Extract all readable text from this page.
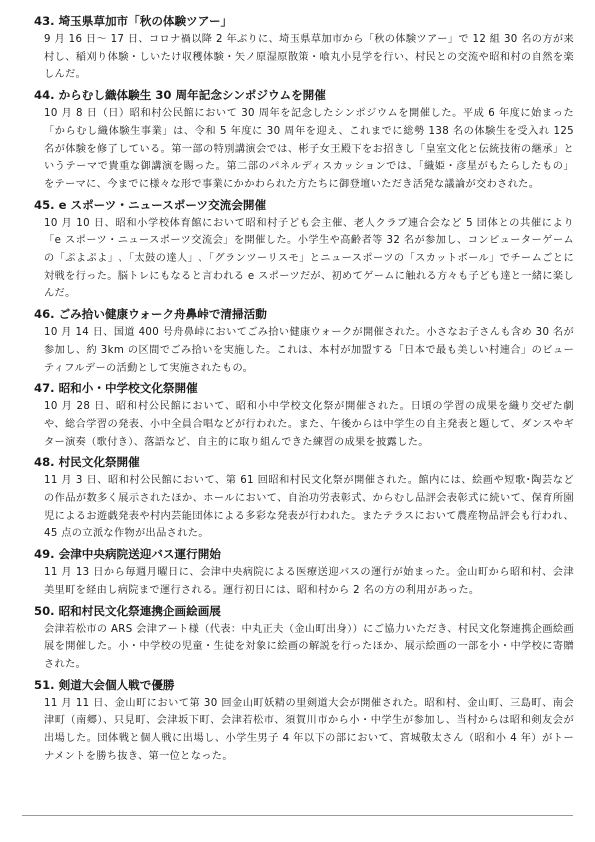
43. 埼玉県草加市「秋の体験ツアー」

9 月 16 日～ 17 日、コロナ禍以降 2 年ぶりに、埼玉県草加市から「秋の体験ツアー」で 12 組 30 名の方が来村し、稲刈り体験・しいたけ収穫体験・矢ノ原湿原散策・喰丸小見学を行い、村民との交流や昭和村の自然を楽しんだ。

44. からむし織体験生 30 周年記念シンポジウムを開催

10 月 8 日（日）昭和村公民館において 30 周年を記念したシンポジウムを開催した。平成 6 年度に始まった「からむし織体験生事業」は、令和 5 年度に 30 周年を迎え、これまでに総勢 138 名の体験生を受入れ 125 名が体験を修了している。第一部の特別講演会では、彬子女王殿下をお招きし「皇室文化と伝統技術の継承」というテーマで貴重な御講演を賜った。第二部のパネルディスカッションでは、「織姫・彦星がもたらしたもの」をテーマに、今までに様々な形で事業にかかわられた方たちに御登壇いただき活発な議論が交わされた。

45. e スポーツ・ニュースポーツ交流会開催

10 月 10 日、昭和小学校体育館において昭和村子ども会主催、老人クラブ連合会など 5 団体との共催により「e スポーツ・ニュースポーツ交流会」を開催した。小学生や高齢者等 32 名が参加し、コンピューターゲームの「ぷよぷよ」､「太鼓の達人」､「グランツーリスモ」とニュースポーツの「スカットボール」でチームごとに対戦を行った。脳トレにもなると言われる e スポーツだが、初めてゲームに触れる方々も子ども達と一緒に楽しんだ。

46. ごみ拾い健康ウォーク舟鼻峠で清掃活動

10 月 14 日、国道 400 号舟鼻峠においてごみ拾い健康ウォークが開催された。小さなお子さんも含め 30 名が参加し、約 3km の区間でごみ拾いを実施した。これは、本村が加盟する「日本で最も美しい村連合」のビューティフルデーの活動として実施されたもの。

47. 昭和小・中学校文化祭開催

10 月 28 日、昭和村公民館において、昭和小中学校文化祭が開催された。日頃の学習の成果を織り交ぜた劇や、総合学習の発表、小中全員合唱などが行われた。また、午後からは中学生の自主発表と題して、ダンスやギター演奏（歌付き）、落語など、自主的に取り組んできた練習の成果を披露した。

48. 村民文化祭開催

11 月 3 日、昭和村公民館において、第 61 回昭和村民文化祭が開催された。館内には、絵画や短歌･陶芸などの作品が数多く展示されたほか、ホールにおいて、自治功労表彰式、からむし品評会表彰式に続いて、保育所園児によるお遊戯発表や村内芸能団体による多彩な発表が行われた。またテラスにおいて農産物品評会も行われ、45 点の立派な作物が出品された。

49. 会津中央病院送迎バス運行開始

11 月 13 日から毎週月曜日に、会津中央病院による医療送迎バスの運行が始まった。金山町から昭和村、会津美里町を経由し病院まで運行される。運行初日には、昭和村から 2 名の方の利用があった。

50. 昭和村民文化祭連携企画絵画展

会津若松市の ARS 会津アート様（代表：中丸正夫（金山町出身））にご協力いただき、村民文化祭連携企画絵画展を開催した。小・中学校の児童・生徒を対象に絵画の解説を行ったほか、展示絵画の一部を小・中学校に寄贈された。

51. 剣道大会個人戦で優勝

11 月 11 日、金山町において第 30 回金山町妖精の里剣道大会が開催された。昭和村、金山町、三島町、南会津町（南郷）、只見町、会津坂下町、会津若松市、須賀川市から小・中学生が参加し、当村からは昭和剣友会が出場した。団体戦と個人戦に出場し、小学生男子 4 年以下の部において、宮城敬太さん（昭和小 4 年）がトーナメントを勝ち抜き、第一位となった。
